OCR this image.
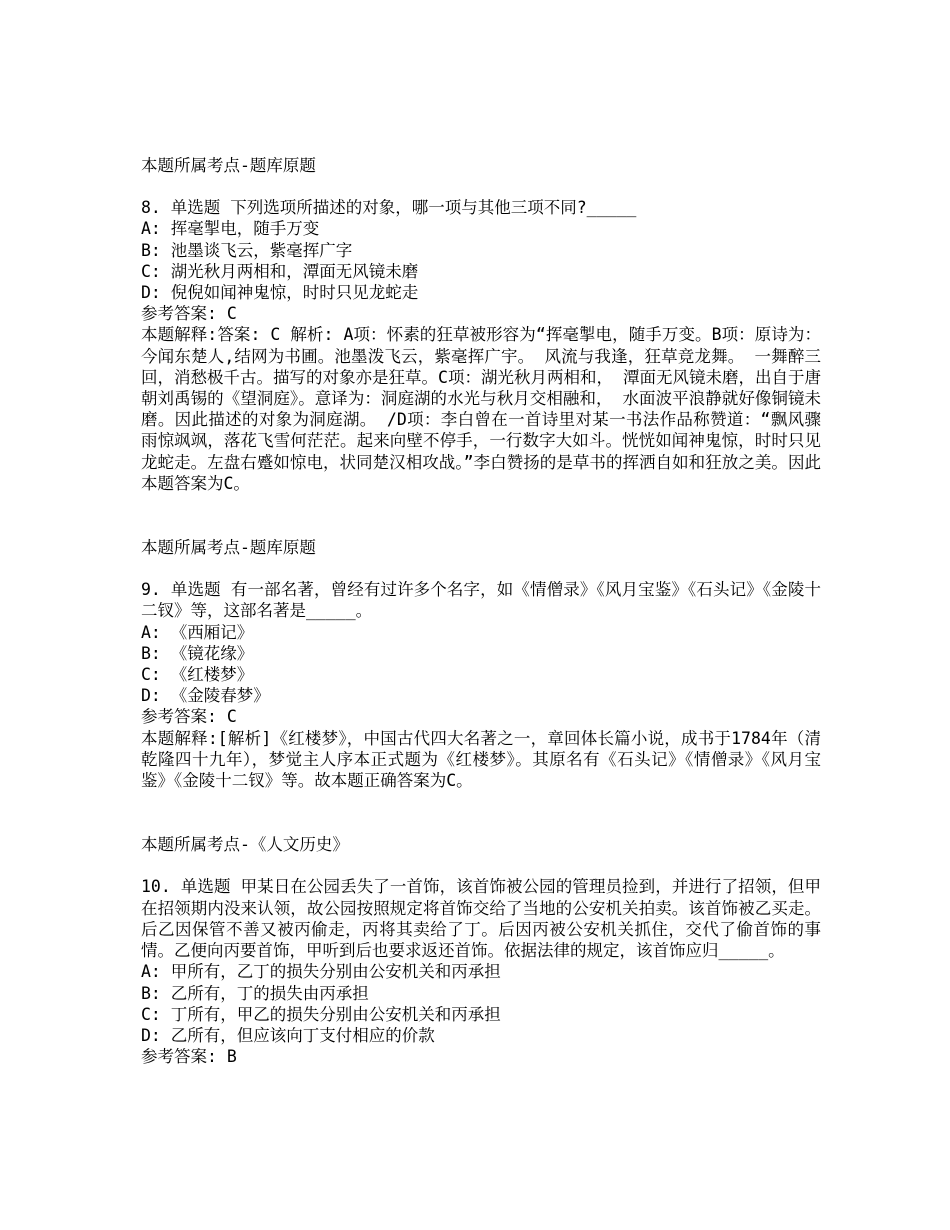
本题所属考点-题库原题

8. 单选题 下列选项所描述的对象，哪一项与其他三项不同?_____

A: 挥毫掣电，随手万变

B: 池墨谈飞云，紫毫挥广字

C: 湖光秋月两相和，潭面无风镜未磨

D: 倪倪如闻神鬼惊，时时只见龙蛇走

参考答案: C

本题解释:答案: C 解析: A项：怀素的狂草被形容为“挥毫掣电，随手万变。B项：原诗为：今闻东楚人,结网为书圃。池墨泼飞云，紫毫挥广宇。 风流与我逢，狂草竞龙舞。 一舞醉三回，消愁极千古。描写的对象亦是狂草。C项：湖光秋月两相和， 潭面无风镜未磨，出自于唐朝刘禹锡的《望洞庭》。意译为：洞庭湖的水光与秋月交相融和， 水面波平浪静就好像铜镜未磨。因此描述的对象为洞庭湖。 /D项：李白曾在一首诗里对某一书法作品称赞道：“飘风骤雨惊飒飒，落花飞雪何茫茫。起来向壁不停手，一行数字大如斗。恍恍如闻神鬼惊，时时只见龙蛇走。左盘右蹙如惊电，状同楚汉相攻战。”李白赞扬的是草书的挥洒自如和狂放之美。因此本题答案为C。

本题所属考点-题库原题

9. 单选题 有一部名著，曾经有过许多个名字，如《情僧录》《风月宝鉴》《石头记》《金陵十二钗》等，这部名著是_____。

A: 《西厢记》

B: 《镜花缘》

C: 《红楼梦》

D: 《金陵春梦》

参考答案: C

本题解释:[解析]《红楼梦》，中国古代四大名著之一，章回体长篇小说，成书于1784年（清乾隆四十九年），梦觉主人序本正式题为《红楼梦》。其原名有《石头记》《情僧录》《风月宝鉴》《金陵十二钗》等。故本题正确答案为C。

本题所属考点-《人文历史》

10. 单选题 甲某日在公园丢失了一首饰，该首饰被公园的管理员捡到，并进行了招领，但甲在招领期内没来认领，故公园按照规定将首饰交给了当地的公安机关拍卖。该首饰被乙买走。后乙因保管不善又被丙偷走，丙将其卖给了丁。后因丙被公安机关抓住，交代了偷首饰的事情。乙便向丙要首饰，甲听到后也要求返还首饰。依据法律的规定，该首饰应归_____。

A: 甲所有，乙丁的损失分别由公安机关和丙承担

B: 乙所有，丁的损失由丙承担

C: 丁所有，甲乙的损失分别由公安机关和丙承担

D: 乙所有，但应该向丁支付相应的价款

参考答案: B
